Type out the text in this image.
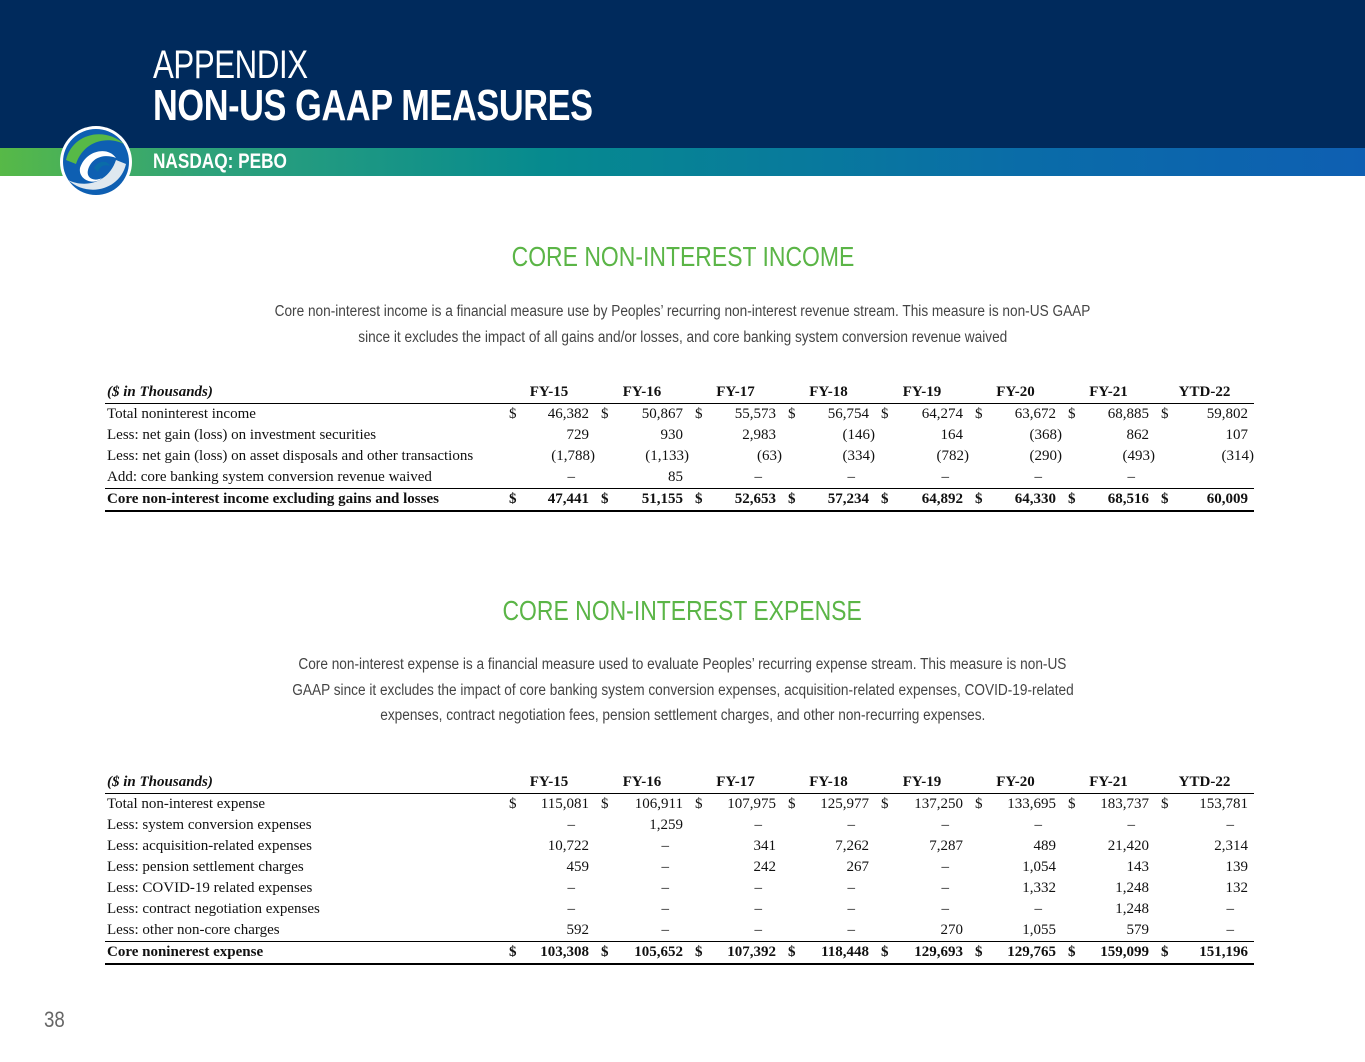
APPENDIX
NON-US GAAP MEASURES
NASDAQ: PEBO
CORE NON-INTEREST INCOME
Core non-interest income is a financial measure use by Peoples’ recurring non-interest revenue stream. This measure is non-US GAAP
since it excludes the impact of all gains and/or losses, and core banking system conversion revenue waived
($ in Thousands)	FY-15		FY-16		FY-17		FY-18		FY-19		FY-20		FY-21		YTD-22	
Total noninterest income	$	46,382	$	50,867	$	55,573	$	56,754	$	64,274	$	63,672	$	68,885	$	59,802
Less: net gain (loss) on investment securities		729		930		2,983		(146)		164		(368)		862		107
Less: net gain (loss) on asset disposals and other transactions		(1,788)		(1,133)		(63)		(334)		(782)		(290)		(493)		(314)
Add: core banking system conversion revenue waived		–		85		–		–		–		–		–		
Core non-interest income excluding gains and losses	$	47,441	$	51,155	$	52,653	$	57,234	$	64,892	$	64,330	$	68,516	$	60,009
CORE NON-INTEREST EXPENSE
Core non-interest expense is a financial measure used to evaluate Peoples’ recurring expense stream. This measure is non-US
GAAP since it excludes the impact of core banking system conversion expenses, acquisition-related expenses, COVID-19-related
expenses, contract negotiation fees, pension settlement charges, and other non-recurring expenses.
($ in Thousands)	FY-15		FY-16		FY-17		FY-18		FY-19		FY-20		FY-21		YTD-22	
Total non-interest expense	$	115,081	$	106,911	$	107,975	$	125,977	$	137,250	$	133,695	$	183,737	$	153,781
Less: system conversion expenses		–		1,259		–		–		–		–		–		–
Less: acquisition-related expenses		10,722		–		341		7,262		7,287		489		21,420		2,314
Less: pension settlement charges		459		–		242		267		–		1,054		143		139
Less: COVID-19 related expenses		–		–		–		–		–		1,332		1,248		132
Less: contract negotiation expenses		–		–		–		–		–		–		1,248		–
Less: other non-core charges		592		–		–		–		270		1,055		579		–
Core noninerest expense	$	103,308	$	105,652	$	107,392	$	118,448	$	129,693	$	129,765	$	159,099	$	151,196
38
